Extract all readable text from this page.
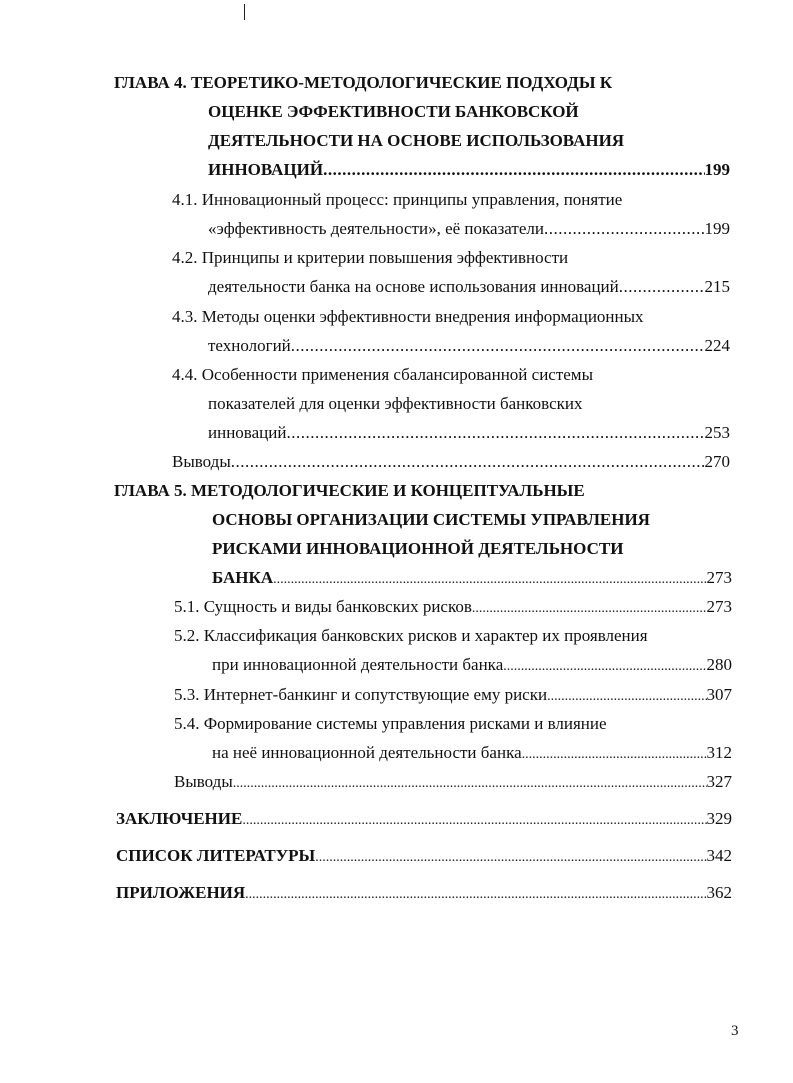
ГЛАВА 4. ТЕОРЕТИКО-МЕТОДОЛОГИЧЕСКИЕ ПОДХОДЫ К
ОЦЕНКЕ ЭФФЕКТИВНОСТИ БАНКОВСКОЙ
ДЕЯТЕЛЬНОСТИ НА ОСНОВЕ ИСПОЛЬЗОВАНИЯ
ИННОВАЦИЙ .....	199
4.1. Инновационный процесс: принципы управления, понятие
«эффективность деятельности», её показатели .....	199
4.2. Принципы и критерии повышения эффективности
деятельности банка на основе использования инноваций .....	215
4.3. Методы оценки эффективности внедрения информационных
технологий .....	224
4.4. Особенности применения сбалансированной системы
показателей для оценки эффективности банковских
инноваций .....	253
Выводы .....	270
ГЛАВА 5. МЕТОДОЛОГИЧЕСКИЕ И КОНЦЕПТУАЛЬНЫЕ
ОСНОВЫ ОРГАНИЗАЦИИ СИСТЕМЫ УПРАВЛЕНИЯ
РИСКАМИ ИННОВАЦИОННОЙ ДЕЯТЕЛЬНОСТИ
БАНКА .....	273
5.1. Сущность и виды банковских рисков .....	273
5.2. Классификация банковских рисков и характер их проявления
при инновационной деятельности банка .....	280
5.3. Интернет-банкинг и сопутствующие ему риски .....	307
5.4. Формирование системы управления рисками и влияние
на неё инновационной деятельности банка .....	312
Выводы .....	327
ЗАКЛЮЧЕНИЕ .....	329
СПИСОК ЛИТЕРАТУРЫ .....	342
ПРИЛОЖЕНИЯ .....	362
3
